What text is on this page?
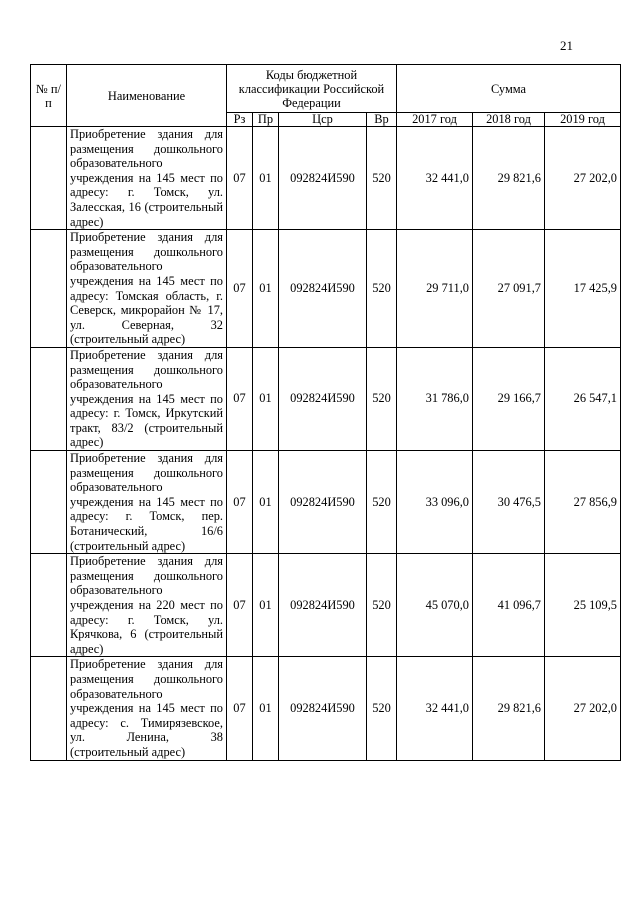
21
№ п/п	Наименование	Коды бюджетной классификации Российской Федерации				Сумма		
		Рз	Пр	Цср	Вр	2017 год	2018 год	2019 год
	Приобретение здания для размещения дошкольного образовательного учреждения на 145 мест по адресу: г. Томск, ул. Залесская, 16 (строительный адрес)	07	01	092824И590	520	32 441,0	29 821,6	27 202,0
	Приобретение здания для размещения дошкольного образовательного учреждения на 145 мест по адресу: Томская область, г. Северск, микрорайон № 17, ул. Северная, 32 (строительный адрес)	07	01	092824И590	520	29 711,0	27 091,7	17 425,9
	Приобретение здания для размещения дошкольного образовательного учреждения на 145 мест по адресу: г. Томск, Иркутский тракт, 83/2 (строительный адрес)	07	01	092824И590	520	31 786,0	29 166,7	26 547,1
	Приобретение здания для размещения дошкольного образовательного учреждения на 145 мест по адресу: г. Томск, пер. Ботанический, 16/6 (строительный адрес)	07	01	092824И590	520	33 096,0	30 476,5	27 856,9
	Приобретение здания для размещения дошкольного образовательного учреждения на 220 мест по адресу: г. Томск, ул. Крячкова, 6 (строительный адрес)	07	01	092824И590	520	45 070,0	41 096,7	25 109,5
	Приобретение здания для размещения дошкольного образовательного учреждения на 145 мест по адресу: с. Тимирязевское, ул. Ленина, 38 (строительный адрес)	07	01	092824И590	520	32 441,0	29 821,6	27 202,0
